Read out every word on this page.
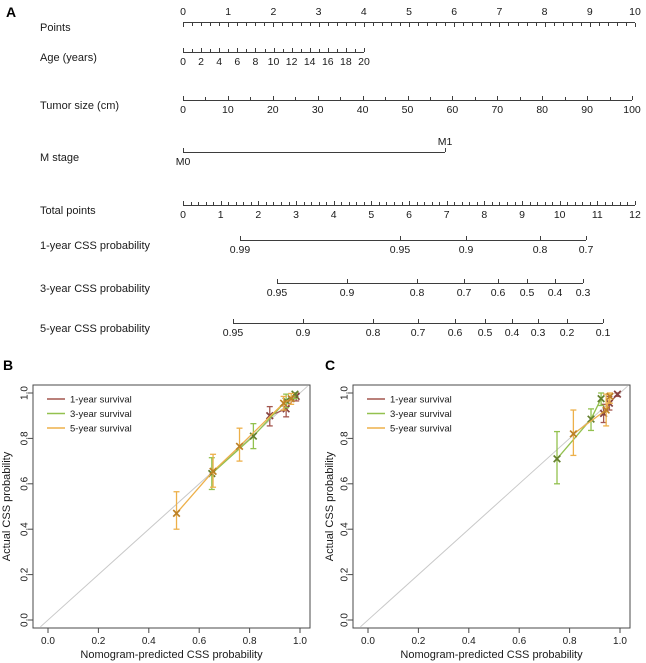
A
Points
0	1	2	3	4	5	6	7	8	9	10
Age (years)	0 2 4 6 8 10 12 14 16 18 20
Tumor size (cm)	0	10	20	30	40	50	60	70	80	90	100
M stage	M0
M1
Total points	0	1	2	3	4	5	6	7	8	9	10	11	12
1-year CSS probability	0.99	0.95	0.9	0.8	0.7
3-year CSS probability	0.95	0.9	0.8	0.7 0.6 0.5 0.4 0.3
5-year CSS probability	0.95	0.9	0.8	0.7 0.6 0.5 0.4 0.3 0.2 0.1
B	C
0.0	0.2	0.4	0.6	0.8	1.0
0.0
0.2
0.4
0.6
0.8
1.0
Nomogram-predicted CSS probability
Actual CSS probability
1-year survival
3-year survival
5-year survival
0.0	0.2	0.4	0.6	0.8	1.0
0.0
0.2
0.4
0.6
0.8
1.0
Nomogram-predicted CSS probability
Actual CSS probability
1-year survival
3-year survival
5-year survival
